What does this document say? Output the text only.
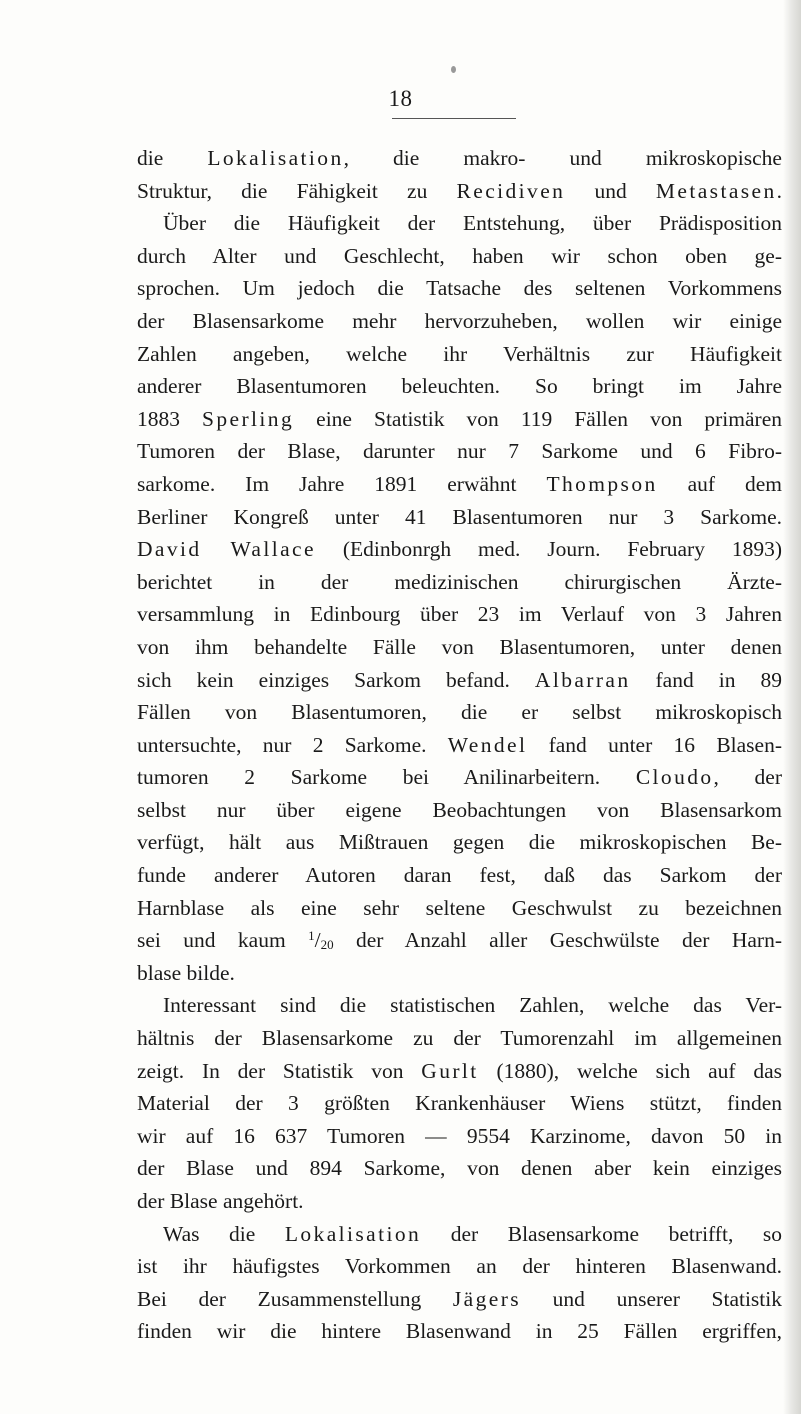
18
die Lokalisation, die makro- und mikroskopische
Struktur, die Fähigkeit zu Recidiven und Metastasen.
Über die Häufigkeit der Entstehung, über Prädisposition
durch Alter und Geschlecht, haben wir schon oben ge-
sprochen. Um jedoch die Tatsache des seltenen Vorkommens
der Blasensarkome mehr hervorzuheben, wollen wir einige
Zahlen angeben, welche ihr Verhältnis zur Häufigkeit
anderer Blasentumoren beleuchten. So bringt im Jahre
1883 Sperling eine Statistik von 119 Fällen von primären
Tumoren der Blase, darunter nur 7 Sarkome und 6 Fibro-
sarkome. Im Jahre 1891 erwähnt Thompson auf dem
Berliner Kongreß unter 41 Blasentumoren nur 3 Sarkome.
David Wallace (Edinbonrgh med. Journ. February 1893)
berichtet in der medizinischen chirurgischen Ärzte-
versammlung in Edinbourg über 23 im Verlauf von 3 Jahren
von ihm behandelte Fälle von Blasentumoren, unter denen
sich kein einziges Sarkom befand. Albarran fand in 89
Fällen von Blasentumoren, die er selbst mikroskopisch
untersuchte, nur 2 Sarkome. Wendel fand unter 16 Blasen-
tumoren 2 Sarkome bei Anilinarbeitern. Cloudo, der
selbst nur über eigene Beobachtungen von Blasensarkom
verfügt, hält aus Mißtrauen gegen die mikroskopischen Be-
funde anderer Autoren daran fest, daß das Sarkom der
Harnblase als eine sehr seltene Geschwulst zu bezeichnen
sei und kaum $^1/_{20}$ der Anzahl aller Geschwülste der Harn-
blase bilde.
Interessant sind die statistischen Zahlen, welche das Ver-
hältnis der Blasensarkome zu der Tumorenzahl im allgemeinen
zeigt. In der Statistik von Gurlt (1880), welche sich auf das
Material der 3 größten Krankenhäuser Wiens stützt, finden
wir auf 16 637 Tumoren — 9554 Karzinome, davon 50 in
der Blase und 894 Sarkome, von denen aber kein einziges
der Blase angehört.
Was die Lokalisation der Blasensarkome betrifft, so
ist ihr häufigstes Vorkommen an der hinteren Blasenwand.
Bei der Zusammenstellung Jägers und unserer Statistik
finden wir die hintere Blasenwand in 25 Fällen ergriffen,
